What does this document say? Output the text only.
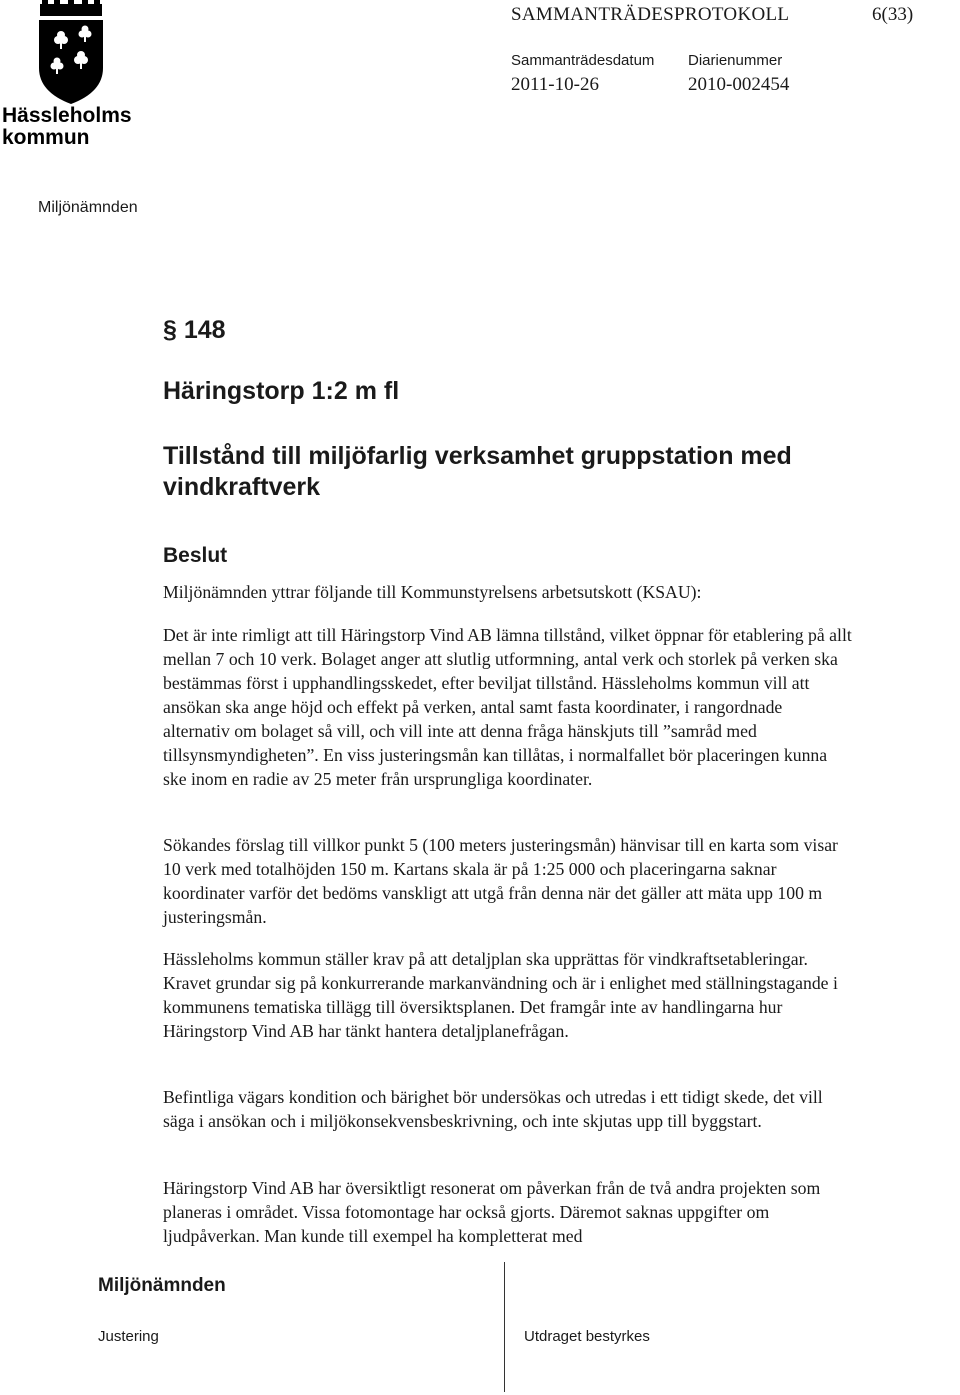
Hässleholms
kommun
SAMMANTRÄDESPROTOKOLL	6(33)
Sammanträdesdatum Diarienummer
2011-10-26	2010-002454
Miljönämnden
§ 148
Häringstorp 1:2 m fl
Tillstånd till miljöfarlig verksamhet gruppstation med vindkraftverk
Beslut
Miljönämnden yttrar följande till Kommunstyrelsens arbetsutskott (KSAU):
Det är inte rimligt att till Häringstorp Vind AB lämna tillstånd, vilket öppnar för etablering på allt mellan 7 och 10 verk. Bolaget anger att slutlig utformning, antal verk och storlek på verken ska bestämmas först i upphandlingsskedet, efter beviljat tillstånd. Hässleholms kommun vill att ansökan ska ange höjd och effekt på verken, antal samt fasta koordinater, i rangordnade alternativ om bolaget så vill, och vill inte att denna fråga hänskjuts till ”samråd med tillsynsmyndigheten”. En viss justeringsmån kan tillåtas, i normalfallet bör placeringen kunna ske inom en radie av 25 meter från ursprungliga koordinater.
Sökandes förslag till villkor punkt 5 (100 meters justeringsmån) hänvisar till en karta som visar 10 verk med totalhöjden 150 m. Kartans skala är på 1:25 000 och placeringarna saknar koordinater varför det bedöms vanskligt att utgå från denna när det gäller att mäta upp 100 m justeringsmån.
Hässleholms kommun ställer krav på att detaljplan ska upprättas för vindkraftsetableringar. Kravet grundar sig på konkurrerande markanvändning och är i enlighet med ställningstagande i kommunens tematiska tillägg till översiktsplanen. Det framgår inte av handlingarna hur Häringstorp Vind AB har tänkt hantera detaljplanefrågan.
Befintliga vägars kondition och bärighet bör undersökas och utredas i ett tidigt skede, det vill säga i ansökan och i miljökonsekvensbeskrivning, och inte skjutas upp till byggstart.
Häringstorp Vind AB har översiktligt resonerat om påverkan från de två andra projekten som planeras i området. Vissa fotomontage har också gjorts. Däremot saknas uppgifter om ljudpåverkan. Man kunde till exempel ha kompletterat med
Miljönämnden
Justering	Utdraget bestyrkes
